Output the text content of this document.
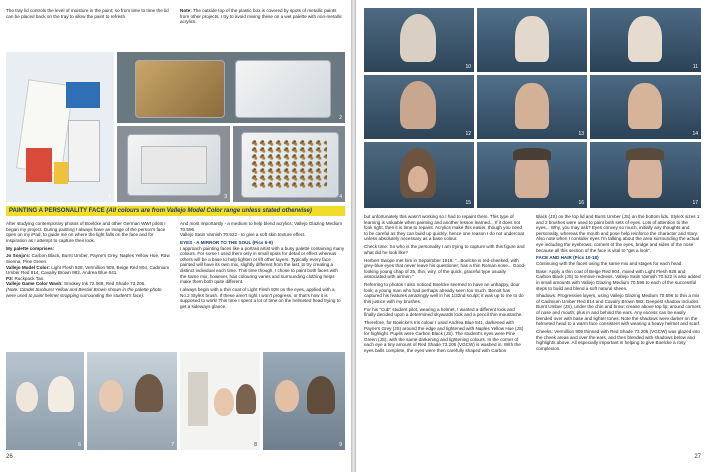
The tray lid controls the level of moisture in the paint; so from time to time the lid can be placed back on the tray to allow the paint to refresh.

Note: The outside top of the plastic box is covered by spots of metallic paints from other projects. I try to avoid mixing these on a wet palette with non-metallic acrylics.

1
2
3	4
PAINTING A PERSONALITY FACE (All colours are from Vallejo Model Color range unless stated otherwise)

After studying contemporary photos of Boelcke and other German WWI pilots I began my project. During painting I always have an image of the person's face open on my iPad, to guide me on where the light falls on the face and for inspiration as I attempt to capture their look.

My palette comprises:

Jo Sonja's: Carbon Black, Burnt Umber, Payne's Grey, Naples Yellow Hue, Raw Sienna, Pine Green.

Vallejo Model Color: Light Flesh 928, Vermillion 909, Beige Red 804, Cadmium Umber Red 814, Cavalry Brown 982, Andrea Blue 841.

P3: Ruckpack Tan.

Vallejo Game Color Wash: Smokey Ink 72.068, Red Shade 73.206.

(Note: Citadel Sunburst Yellow and Bestial Brown shown in the palette photo were used to paint helmet strapping surrounding the student's face).

And most importantly - a medium to help blend acrylics: Vallejo Glazing Medium 70.596.

Vallejo Satin Varnish 70.522 - to give a soft skin texture effect.

EYES - A MIRROR TO THE SOUL (Pics 6-9)

I approach painting faces like a portrait artist with a busy palette containing many colours. For some I used them only in small spots for detail or effect whereas others will be a base to help lighten or lift other layers. Typically every face painted will have its own mix, slightly different from the last, to try creating a distinct individual each time. This time though, I chose to paint both faces with the same mix, however, hair colouring varies and surrounding clothing helps make them both quite different.

I always begin with a thin coat of Light Flesh 928 on the eyes, applied with a No.2 StyleX brush. If these aren't right I won't progress, or that's how it is supposed to work! This time I spent a lot of time on the helmeted head trying to get a sideways glance,

6	7	8	9
26
10	11
12	13	14
15	16	17

but unfortunately this wasn't working so I had to repaint them. This type of learning is valuable when painting and another lesson learned... If it does not look right, then it is time to repaint. Acrylics make this easier, though you need to be careful as they can build up quickly, hence one reason I do not undercoat unless absolutely necessary as a base colour.

Check time: So who is the personality I am trying to capture with this figure and what did he look like?

Herbert Swope met him in September 1916: "...Boelcke is red-cheeked, with grey-blue eyes that never leave his questioner; has a thin Roman nose... Good-looking young chap of 25, thin, wiry, of the quick, graceful type usually associated with airmen."

Referring to photos I also noticed Boelcke seemed to have an unhappy, dour look; a young man who had perhaps already seen too much. Benoit has captured his features amazingly well in his 1/32nd sculpt; it was up to me to do this justice with my brushes.

For his "Cub" student pilot, wearing a helmet, I wanted a different look and finally decided upon a determined skywards look and a pencil thin moustache.

Therefore, for Boelcke's Iris colour I used Andrea Blue 841, darkened with Payne's Grey (JS) around the edge and lightened with Naples Yellow Hue (JS) for highlight. Pupils were Carbon Black (JS). The student's eyes were Pine Green (JS), with the same darkening and lightening colours. In the corner of each eye a tiny amount of Red Shade 73.206 (VGCW) is washed in. With the eyes balls complete, the eyes were then carefully shaped with Carbon

Black (JS) on the top lid and Burnt Umber (JS) on the bottom lids. StyleX sizes 1 and 2 brushes were used to paint both sets of eyes. Lots of attention to the eyes... Why, you may ask? Eyes convey so much, initially any thoughts and personality, whereas the mouth and pose help reinforce the character and story. Also note when I consider eyes I'm talking about the area surrounding the actual eye including the eyebrows, corners of the eyes, bridge and sides of the nose because all this section of the face is vital to "get a look".

FACE AND HAIR (Pics 10-18)

Continuing with the faces using the same mix and stages for each head.

Base: Apply a thin coat of Beige Red 804, mixed with Light Flesh 928 and Carbon Black (JS) to remove redness. Vallejo Satin Varnish 70.522 is also added in small amounts with Vallejo Glazing Medium 70.596 to each of the successful steps to build and blend a soft natural sheen.

Shadows: Progressive layers, using Vallejo Glazing Medium 70.596 to thin a mix of Cadmium Umber Red 814 and Cavalry Brown 982. Deepest shadow includes Burnt Umber (JS), under the chin and brow; crease above top lip; around corners of nose and mouth; plus in and behind the ears. Any excess can be easily blended over with base and lighter tones. Note the shadows were darker on the helmeted head to a warm face consistent with wearing a heavy helmet and scarf.

Cheeks: Vermillion 909 thinned with Red Shade 73.206 (VGCW) was glazed into the cheek areas and over the ears, and then blended with shadows below and highlights above. All especially important in helping to give Boelcke a rosy complexion.

27
